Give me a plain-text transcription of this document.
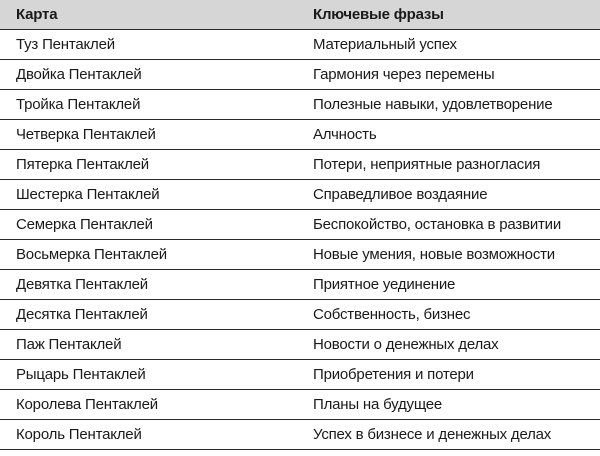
Карта	Ключевые фразы
Туз Пентаклей	Материальный успех
Двойка Пентаклей	Гармония через перемены
Тройка Пентаклей	Полезные навыки, удовлетворение
Четверка Пентаклей	Алчность
Пятерка Пентаклей	Потери, неприятные разногласия
Шестерка Пентаклей	Справедливое воздаяние
Семерка Пентаклей	Беспокойство, остановка в развитии
Восьмерка Пентаклей	Новые умения, новые возможности
Девятка Пентаклей	Приятное уединение
Десятка Пентаклей	Собственность, бизнес
Паж Пентаклей	Новости о денежных делах
Рыцарь Пентаклей	Приобретения и потери
Королева Пентаклей	Планы на будущее
Король Пентаклей	Успех в бизнесе и денежных делах
